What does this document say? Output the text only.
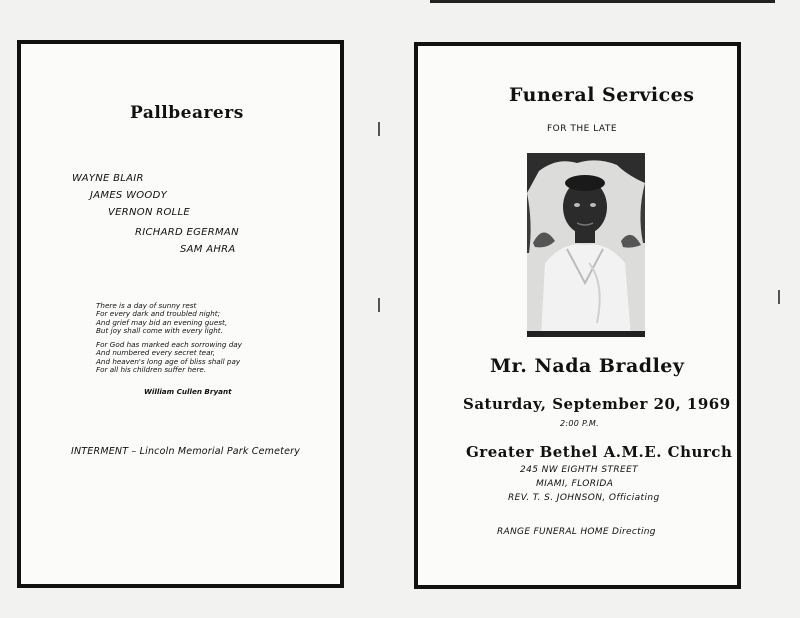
Pallbearers
WAYNE BLAIR
JAMES WOODY
VERNON ROLLE
RICHARD EGERMAN
SAM AHRA
There is a day of sunny rest
For every dark and troubled night;
And grief may bid an evening guest,
But joy shall come with every light.
For God has marked each sorrowing day
And numbered every secret tear,
And heaven's long age of bliss shall pay
For all his children suffer here.
William Cullen Bryant
INTERMENT – Lincoln Memorial Park Cemetery
Funeral Services
FOR THE LATE
Mr. Nada Bradley
Saturday, September 20, 1969
2:00 P.M.
Greater Bethel A.M.E. Church
245 NW EIGHTH STREET
MIAMI, FLORIDA
REV. T. S. JOHNSON, Officiating
RANGE FUNERAL HOME Directing
